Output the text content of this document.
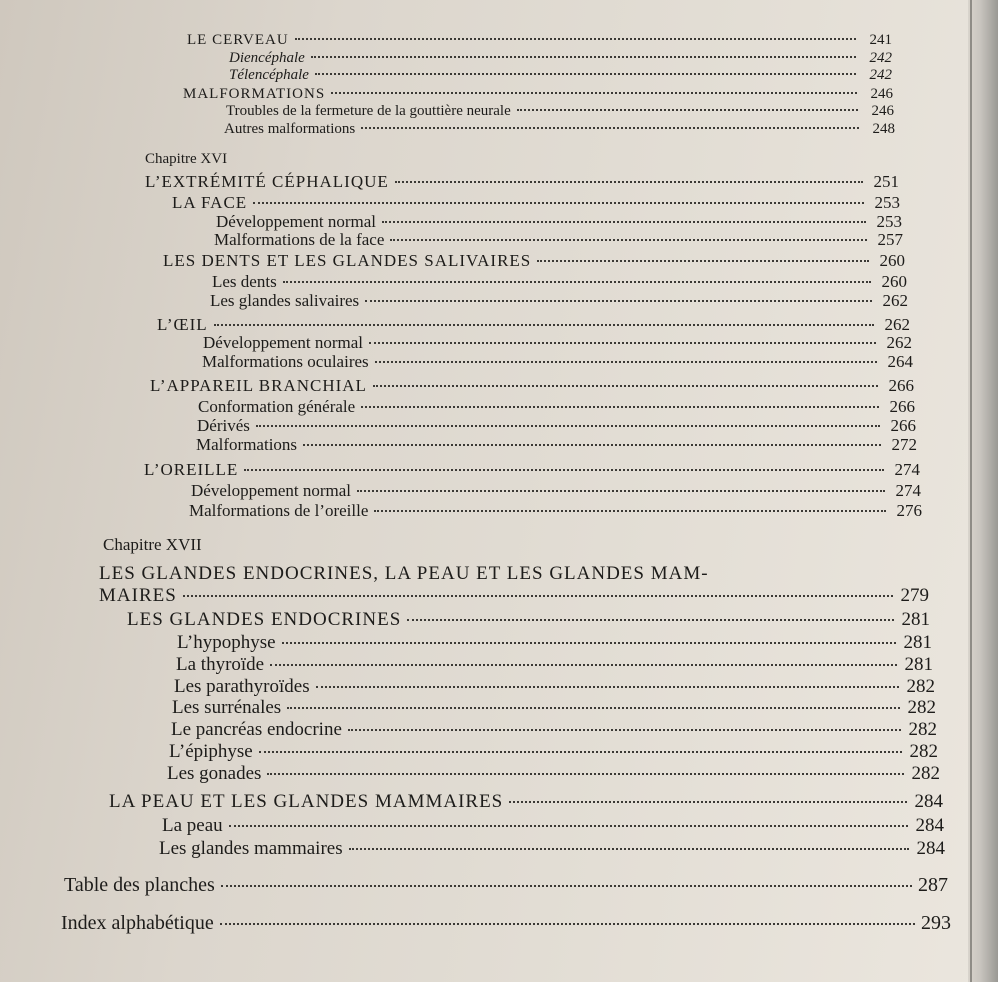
LE CERVEAU	241
Diencéphale	242
Télencéphale	242
MALFORMATIONS	246
Troubles de la fermeture de la gouttière neurale	246
Autres malformations	248
Chapitre XVI
L’EXTRÉMITÉ CÉPHALIQUE	251
LA FACE	253
Développement normal	253
Malformations de la face	257
LES DENTS ET LES GLANDES SALIVAIRES	260
Les dents	260
Les glandes salivaires	262
L’ŒIL	262
Développement normal	262
Malformations oculaires	264
L’APPAREIL BRANCHIAL	266
Conformation générale	266
Dérivés	266
Malformations	272
L’OREILLE	274
Développement normal	274
Malformations de l’oreille	276
Chapitre XVII
LES GLANDES ENDOCRINES, LA PEAU ET LES GLANDES MAM-
MAIRES	279
LES GLANDES ENDOCRINES	281
L’hypophyse	281
La thyroïde	281
Les parathyroïdes	282
Les surrénales	282
Le pancréas endocrine	282
L’épiphyse	282
Les gonades	282
LA PEAU ET LES GLANDES MAMMAIRES	284
La peau	284
Les glandes mammaires	284
Table des planches	287
Index alphabétique	293
